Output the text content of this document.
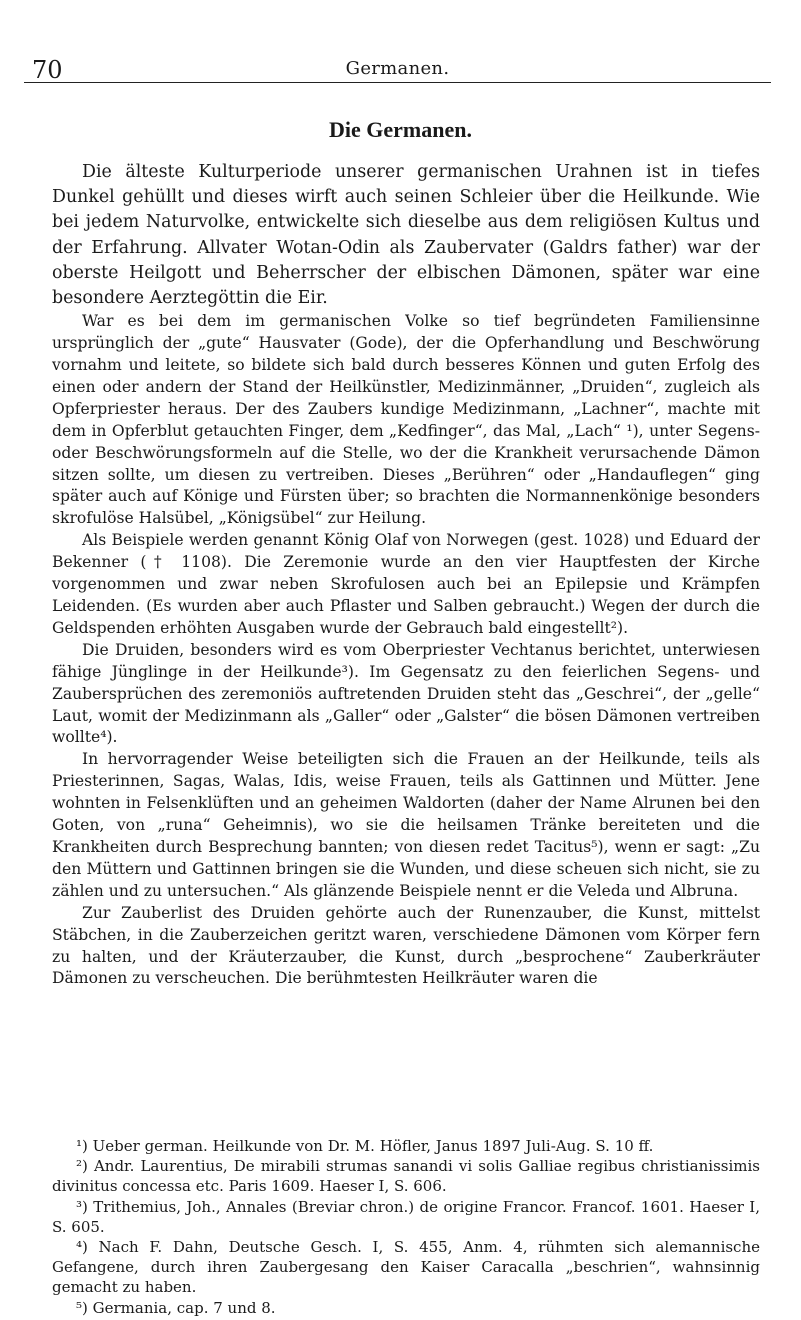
70	Germanen.
Die Germanen.

Die älteste Kulturperiode unserer germanischen Urahnen ist in tiefes Dunkel gehüllt und dieses wirft auch seinen Schleier über die Heilkunde. Wie bei jedem Naturvolke, entwickelte sich dieselbe aus dem religiösen Kultus und der Erfahrung. Allvater Wotan-Odin als Zaubervater (Galdrs father) war der oberste Heilgott und Beherrscher der elbischen Dämonen, später war eine besondere Aerztegöttin die Eir.

War es bei dem im germanischen Volke so tief begründeten Familiensinne ursprünglich der „gute“ Hausvater (Gode), der die Opferhandlung und Beschwörung vornahm und leitete, so bildete sich bald durch besseres Können und guten Erfolg des einen oder andern der Stand der Heilkünstler, Medizinmänner, „Druiden“, zugleich als Opferpriester heraus. Der des Zaubers kundige Medizinmann, „Lachner“, machte mit dem in Opferblut getauchten Finger, dem „Kedfinger“, das Mal, „Lach“ ¹), unter Segens- oder Beschwörungsformeln auf die Stelle, wo der die Krankheit verursachende Dämon sitzen sollte, um diesen zu vertreiben. Dieses „Berühren“ oder „Handauflegen“ ging später auch auf Könige und Fürsten über; so brachten die Normannenkönige besonders skrofulöse Halsübel, „Königsübel“ zur Heilung.

Als Beispiele werden genannt König Olaf von Norwegen (gest. 1028) und Eduard der Bekenner († 1108). Die Zeremonie wurde an den vier Hauptfesten der Kirche vorgenommen und zwar neben Skrofulosen auch bei an Epilepsie und Krämpfen Leidenden. (Es wurden aber auch Pflaster und Salben gebraucht.) Wegen der durch die Geldspenden erhöhten Ausgaben wurde der Gebrauch bald eingestellt²).

Die Druiden, besonders wird es vom Oberpriester Vechtanus berichtet, unterwiesen fähige Jünglinge in der Heilkunde³). Im Gegensatz zu den feierlichen Segens- und Zaubersprüchen des zeremoniös auftretenden Druiden steht das „Geschrei“, der „gelle“ Laut, womit der Medizinmann als „Galler“ oder „Galster“ die bösen Dämonen vertreiben wollte⁴).

In hervorragender Weise beteiligten sich die Frauen an der Heilkunde, teils als Priesterinnen, Sagas, Walas, Idis, weise Frauen, teils als Gattinnen und Mütter. Jene wohnten in Felsenklüften und an geheimen Waldorten (daher der Name Alrunen bei den Goten, von „runa“ Geheimnis), wo sie die heilsamen Tränke bereiteten und die Krankheiten durch Besprechung bannten; von diesen redet Tacitus⁵), wenn er sagt: „Zu den Müttern und Gattinnen bringen sie die Wunden, und diese scheuen sich nicht, sie zu zählen und zu untersuchen.“ Als glänzende Beispiele nennt er die Veleda und Albruna.

Zur Zauberlist des Druiden gehörte auch der Runenzauber, die Kunst, mittelst Stäbchen, in die Zauberzeichen geritzt waren, verschiedene Dämonen vom Körper fern zu halten, und der Kräuterzauber, die Kunst, durch „besprochene“ Zauberkräuter Dämonen zu verscheuchen. Die berühmtesten Heilkräuter waren die

¹) Ueber german. Heilkunde von Dr. M. Höfler, Janus 1897 Juli-Aug. S. 10 ff.

²) Andr. Laurentius, De mirabili strumas sanandi vi solis Galliae regibus christianissimis divinitus concessa etc. Paris 1609. Haeser I, S. 606.

³) Trithemius, Joh., Annales (Breviar chron.) de origine Francor. Francof. 1601. Haeser I, S. 605.

⁴) Nach F. Dahn, Deutsche Gesch. I, S. 455, Anm. 4, rühmten sich alemannische Gefangene, durch ihren Zaubergesang den Kaiser Caracalla „beschrien“, wahnsinnig gemacht zu haben.

⁵) Germania, cap. 7 und 8.
